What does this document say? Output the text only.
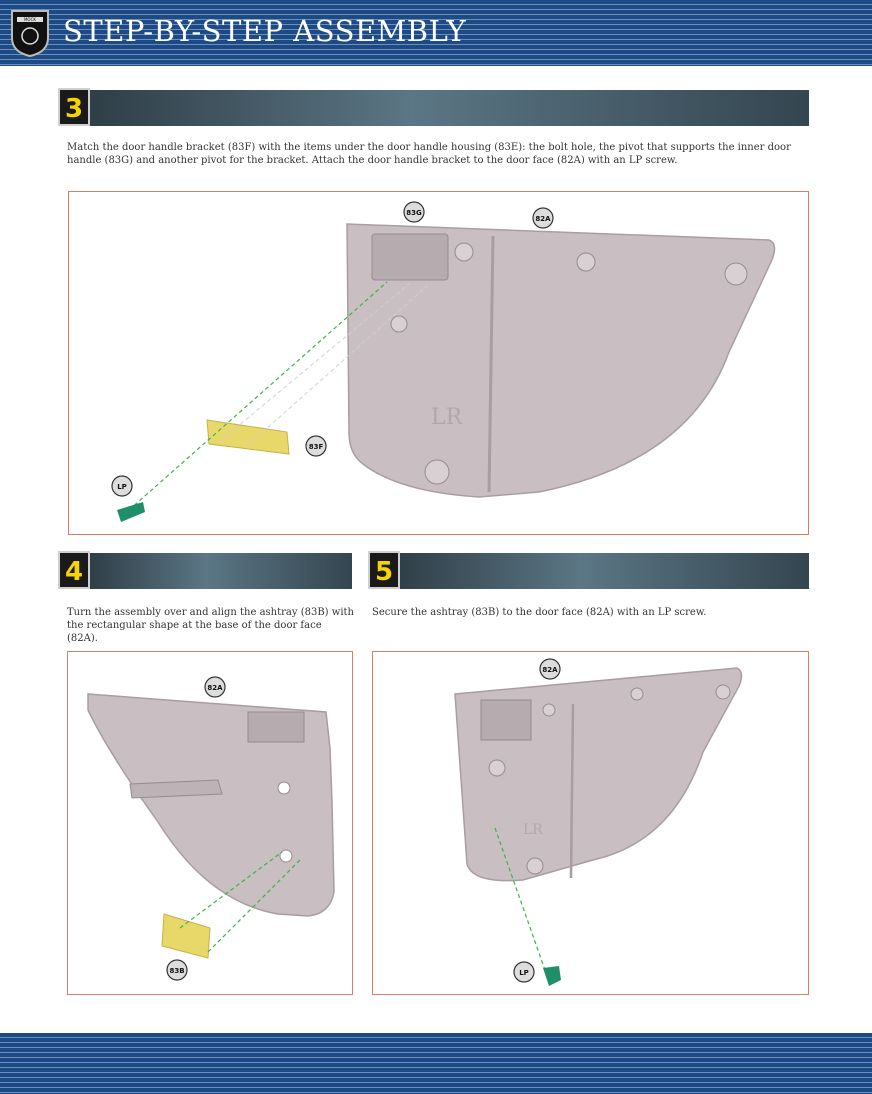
MOCK STEP-BY-STEP ASSEMBLY
3
Match the door handle bracket (83F) with the items under the door handle housing (83E): the bolt hole, the pivot that supports the inner door handle (83G) and another pivot for the bracket. Attach the door handle bracket to the door face (82A) with an LP screw.
LR
83G
82A
83F
LP
4
Turn the assembly over and align the ashtray (83B) with the rectangular shape at the base of the door face (82A).
82A
83B
5
Secure the ashtray (83B) to the door face (82A) with an LP screw.
LR
82A
LP
